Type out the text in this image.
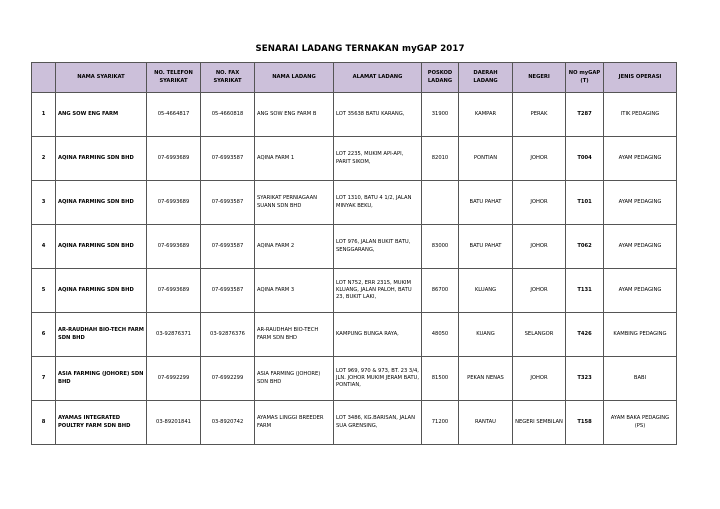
SENARAI LADANG TERNAKAN myGAP 2017
	NAMA SYARIKAT	NO. TELEFON SYARIKAT	NO. FAX SYARIKAT	NAMA LADANG	ALAMAT LADANG	POSKOD LADANG	DAERAH LADANG	NEGERI	NO myGAP (T)	JENIS OPERASI
1	ANG SOW ENG FARM	05-4664817	05-4660818	ANG SOW ENG FARM B	LOT 35638 BATU KARANG,	31900	KAMPAR	PERAK	T287	ITIK PEDAGING
2	AQINA FARMING SDN BHD	07-6993689	07-6993587	AQINA FARM 1	LOT 2235, MUKIM API-API, PARIT SIKOM,	82010	PONTIAN	JOHOR	T004	AYAM PEDAGING
3	AQINA FARMING SDN BHD	07-6993689	07-6993587	SYARIKAT PERNIAGAAN SUANN SDN BHD	LOT 1310, BATU 4 1/2, JALAN MINYAK BEKU,		BATU PAHAT	JOHOR	T101	AYAM PEDAGING
4	AQINA FARMING SDN BHD	07-6993689	07-6993587	AQINA FARM 2	LOT 976, JALAN BUKIT BATU, SENGGARANG,	83000	BATU PAHAT	JOHOR	T062	AYAM PEDAGING
5	AQINA FARMING SDN BHD	07-6993689	07-6993587	AQINA FARM 3	LOT N752, ERR 2315, MUKIM KLUANG, JALAN PALOH, BATU 23, BUKIT LAKI,	86700	KLUANG	JOHOR	T131	AYAM PEDAGING
6	AR-RAUDHAH BIO-TECH FARM SDN BHD	03-92876371	03-92876376	AR-RAUDHAH BIO-TECH FARM SDN BHD	KAMPUNG BUNGA RAYA,	48050	KUANG	SELANGOR	T426	KAMBING PEDAGING
7	ASIA FARMING (JOHORE) SDN BHD	07-6992299	07-6992299	ASIA FARMING (JOHORE) SDN BHD	LOT 969, 970 & 973, BT. 23 3/4, JLN. JOHOR MUKIM JERAM BATU, PONTIAN,	81500	PEKAN NENAS	JOHOR	T323	BABI
8	AYAMAS INTEGRATED POULTRY FARM SDN BHD	03-89201841	03-8920742	AYAMAS LINGGI BREEDER FARM	LOT 3486, KG.BARISAN, JALAN SUA GRENSING,	71200	RANTAU	NEGERI SEMBILAN	T158	AYAM BAKA PEDAGING (PS)
